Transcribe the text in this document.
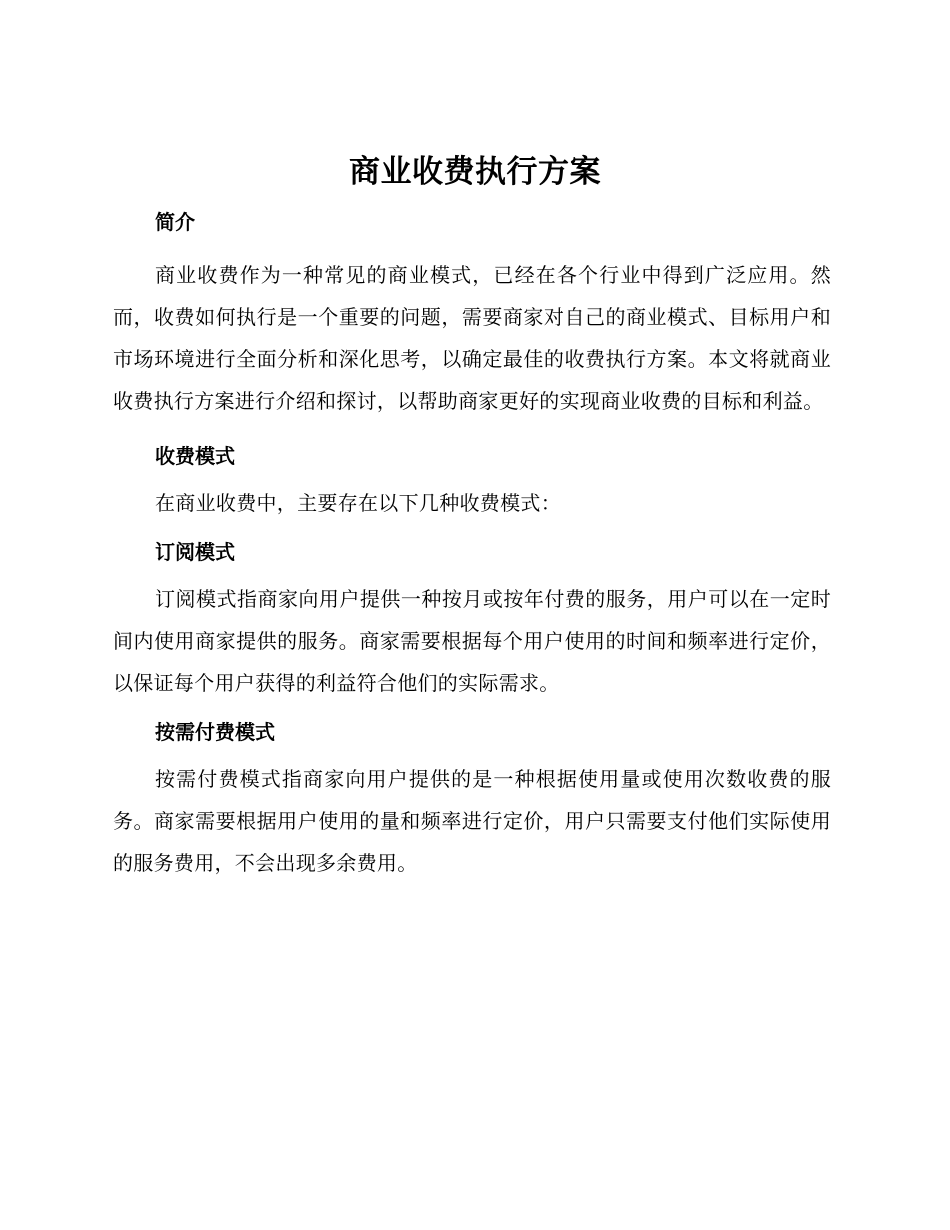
商业收费执行方案
简介

商业收费作为一种常见的商业模式，已经在各个行业中得到广泛应用。然而，收费如何执行是一个重要的问题，需要商家对自己的商业模式、目标用户和市场环境进行全面分析和深化思考，以确定最佳的收费执行方案。本文将就商业收费执行方案进行介绍和探讨，以帮助商家更好的实现商业收费的目标和利益。

收费模式

在商业收费中，主要存在以下几种收费模式：

订阅模式

订阅模式指商家向用户提供一种按月或按年付费的服务，用户可以在一定时间内使用商家提供的服务。商家需要根据每个用户使用的时间和频率进行定价，以保证每个用户获得的利益符合他们的实际需求。

按需付费模式

按需付费模式指商家向用户提供的是一种根据使用量或使用次数收费的服务。商家需要根据用户使用的量和频率进行定价，用户只需要支付他们实际使用的服务费用，不会出现多余费用。
